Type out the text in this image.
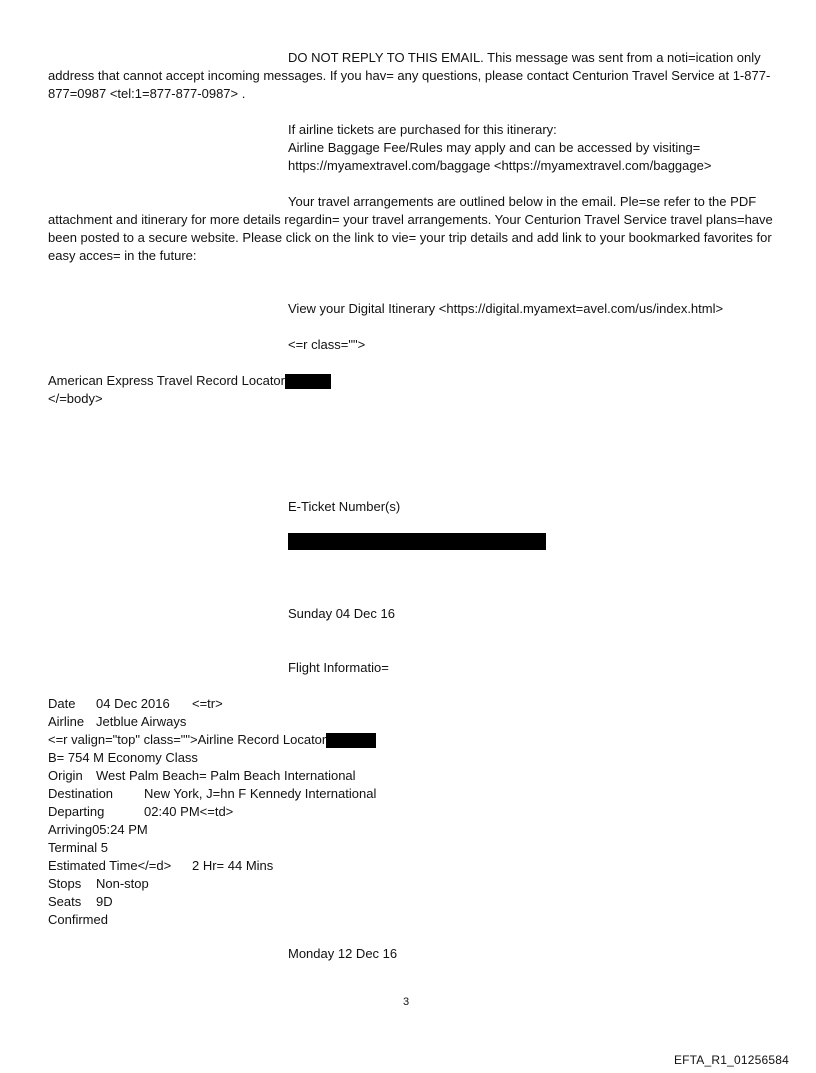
DO NOT REPLY TO THIS EMAIL. This message was sent from a noti=ication only address that cannot accept incoming messages. If you hav= any questions, please contact Centurion Travel Service at 1-877-877=0987 <tel:1=877-877-0987> .
If airline tickets are purchased for this itinerary:
Airline Baggage Fee/Rules may apply and can be accessed by visiting=
https://myamextravel.com/baggage <https://myamextravel.com/baggage>
Your travel arrangements are outlined below in the email. Ple=se refer to the PDF attachment and itinerary for more details regardin= your travel arrangements. Your Centurion Travel Service travel plans=have been posted to a secure website. Please click on the link to vie= your trip details and add link to your bookmarked favorites for easy acces= in the future:
View your Digital Itinerary <https://digital.myamext=avel.com/us/index.html>
<=r class="">
American Express Travel Record Locator
</=body>
E-Ticket Number(s)
Sunday 04 Dec 16
Flight Informatio=
Date 04 Dec 2016 <=tr>
Airline Jetblue Airways
<=r valign="top" class="">Airline Record Locator
B= 754 M Economy Class
Origin West Palm Beach= Palm Beach International
Destination New York, J=hn F Kennedy International
Departing	02:40 PM<=td>
Arriving05:24 PM
Terminal 5
Estimated Time</=d> 2 Hr= 44 Mins
Stops Non-stop
Seats 9D
Confirmed
Monday 12 Dec 16
3
EFTA_R1_01256584
